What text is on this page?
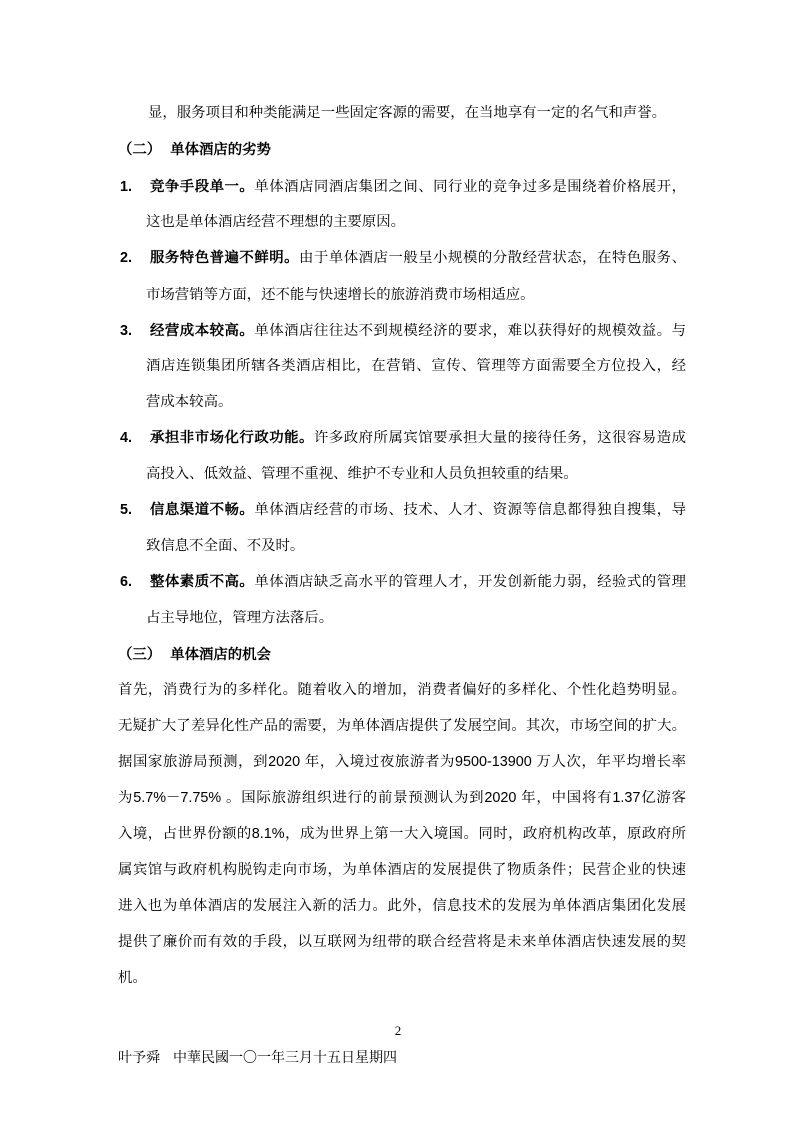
显，服务项目和种类能满足一些固定客源的需要，在当地享有一定的名气和声誉。
（二） 单体酒店的劣势
1. 竞争手段单一。单体酒店同酒店集团之间、同行业的竞争过多是围绕着价格展开，
这也是单体酒店经营不理想的主要原因。
2. 服务特色普遍不鲜明。由于单体酒店一般呈小规模的分散经营状态，在特色服务、
市场营销等方面，还不能与快速增长的旅游消费市场相适应。
3. 经营成本较高。单体酒店往往达不到规模经济的要求，难以获得好的规模效益。与
酒店连锁集团所辖各类酒店相比，在营销、宣传、管理等方面需要全方位投入，经
营成本较高。
4. 承担非市场化行政功能。许多政府所属宾馆要承担大量的接待任务，这很容易造成
高投入、低效益、管理不重视、维护不专业和人员负担较重的结果。
5. 信息渠道不畅。单体酒店经营的市场、技术、人才、资源等信息都得独自搜集，导
致信息不全面、不及时。
6. 整体素质不高。单体酒店缺乏高水平的管理人才，开发创新能力弱，经验式的管理
占主导地位，管理方法落后。
（三） 单体酒店的机会
首先，消费行为的多样化。随着收入的增加，消费者偏好的多样化、个性化趋势明显。
无疑扩大了差异化性产品的需要，为单体酒店提供了发展空间。其次，市场空间的扩大。
据国家旅游局预测，到2020 年，入境过夜旅游者为9500-13900 万人次，年平均增长率
为5.7%－7.75% 。国际旅游组织进行的前景预测认为到2020 年，中国将有1.37亿游客
入境，占世界份额的8.1%，成为世界上第一大入境国。同时，政府机构改革，原政府所
属宾馆与政府机构脱钩走向市场，为单体酒店的发展提供了物质条件；民营企业的快速
进入也为单体酒店的发展注入新的活力。此外，信息技术的发展为单体酒店集团化发展
提供了廉价而有效的手段，以互联网为纽带的联合经营将是未来单体酒店快速发展的契
机。
2
叶予舜 中華民國一〇一年三月十五日星期四
